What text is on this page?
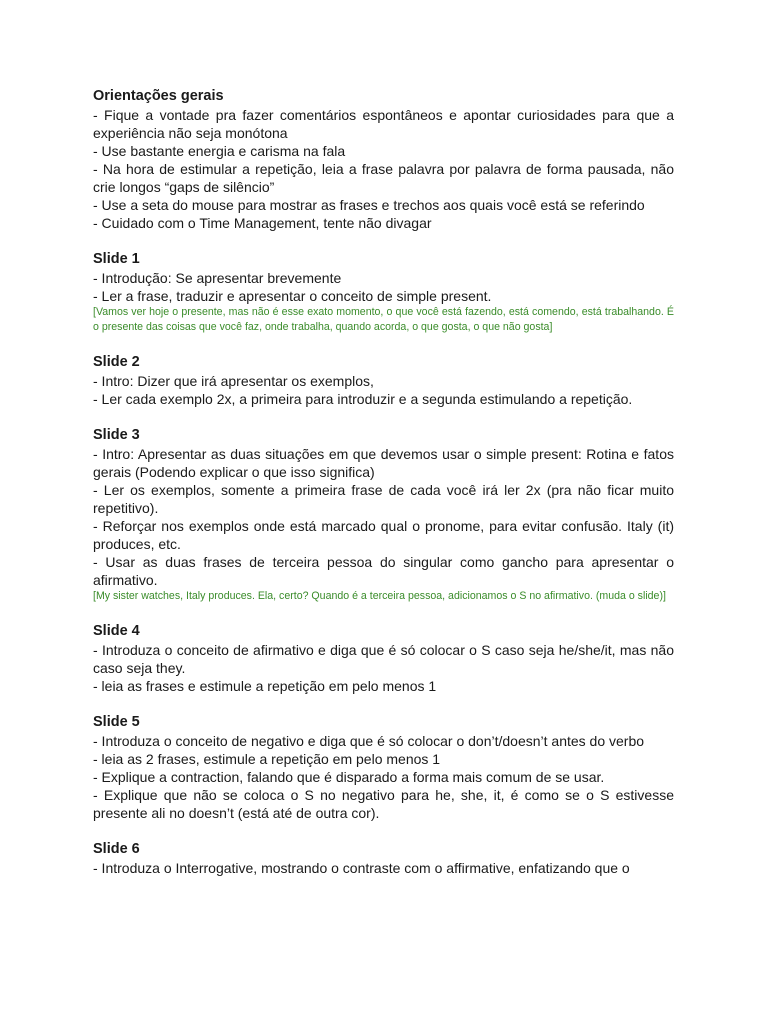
Orientações gerais

- Fique a vontade pra fazer comentários espontâneos e apontar curiosidades para que a experiência não seja monótona

- Use bastante energia e carisma na fala

- Na hora de estimular a repetição, leia a frase palavra por palavra de forma pausada, não crie longos “gaps de silêncio”

- Use a seta do mouse para mostrar as frases e trechos aos quais você está se referindo

- Cuidado com o Time Management, tente não divagar

Slide 1

- Introdução: Se apresentar brevemente

- Ler a frase, traduzir e apresentar o conceito de simple present.

[Vamos ver hoje o presente, mas não é esse exato momento, o que você está fazendo, está comendo, está trabalhando. É o presente das coisas que você faz, onde trabalha, quando acorda, o que gosta, o que não gosta]

Slide 2

- Intro: Dizer que irá apresentar os exemplos,

- Ler cada exemplo 2x, a primeira para introduzir e a segunda estimulando a repetição.

Slide 3

- Intro: Apresentar as duas situações em que devemos usar o simple present: Rotina e fatos gerais (Podendo explicar o que isso significa)

- Ler os exemplos, somente a primeira frase de cada você irá ler 2x (pra não ficar muito repetitivo).

- Reforçar nos exemplos onde está marcado qual o pronome, para evitar confusão. Italy (it) produces, etc.

- Usar as duas frases de terceira pessoa do singular como gancho para apresentar o afirmativo.

[My sister watches, Italy produces. Ela, certo? Quando é a terceira pessoa, adicionamos o S no afirmativo. (muda o slide)]

Slide 4

- Introduza o conceito de afirmativo e diga que é só colocar o S caso seja he/she/it, mas não caso seja they.

- leia as frases e estimule a repetição em pelo menos 1

Slide 5

- Introduza o conceito de negativo e diga que é só colocar o don’t/doesn’t antes do verbo

- leia as 2 frases, estimule a repetição em pelo menos 1

- Explique a contraction, falando que é disparado a forma mais comum de se usar.

- Explique que não se coloca o S no negativo para he, she, it, é como se o S estivesse presente ali no doesn’t (está até de outra cor).

Slide 6

- Introduza o Interrogative, mostrando o contraste com o affirmative, enfatizando que o
